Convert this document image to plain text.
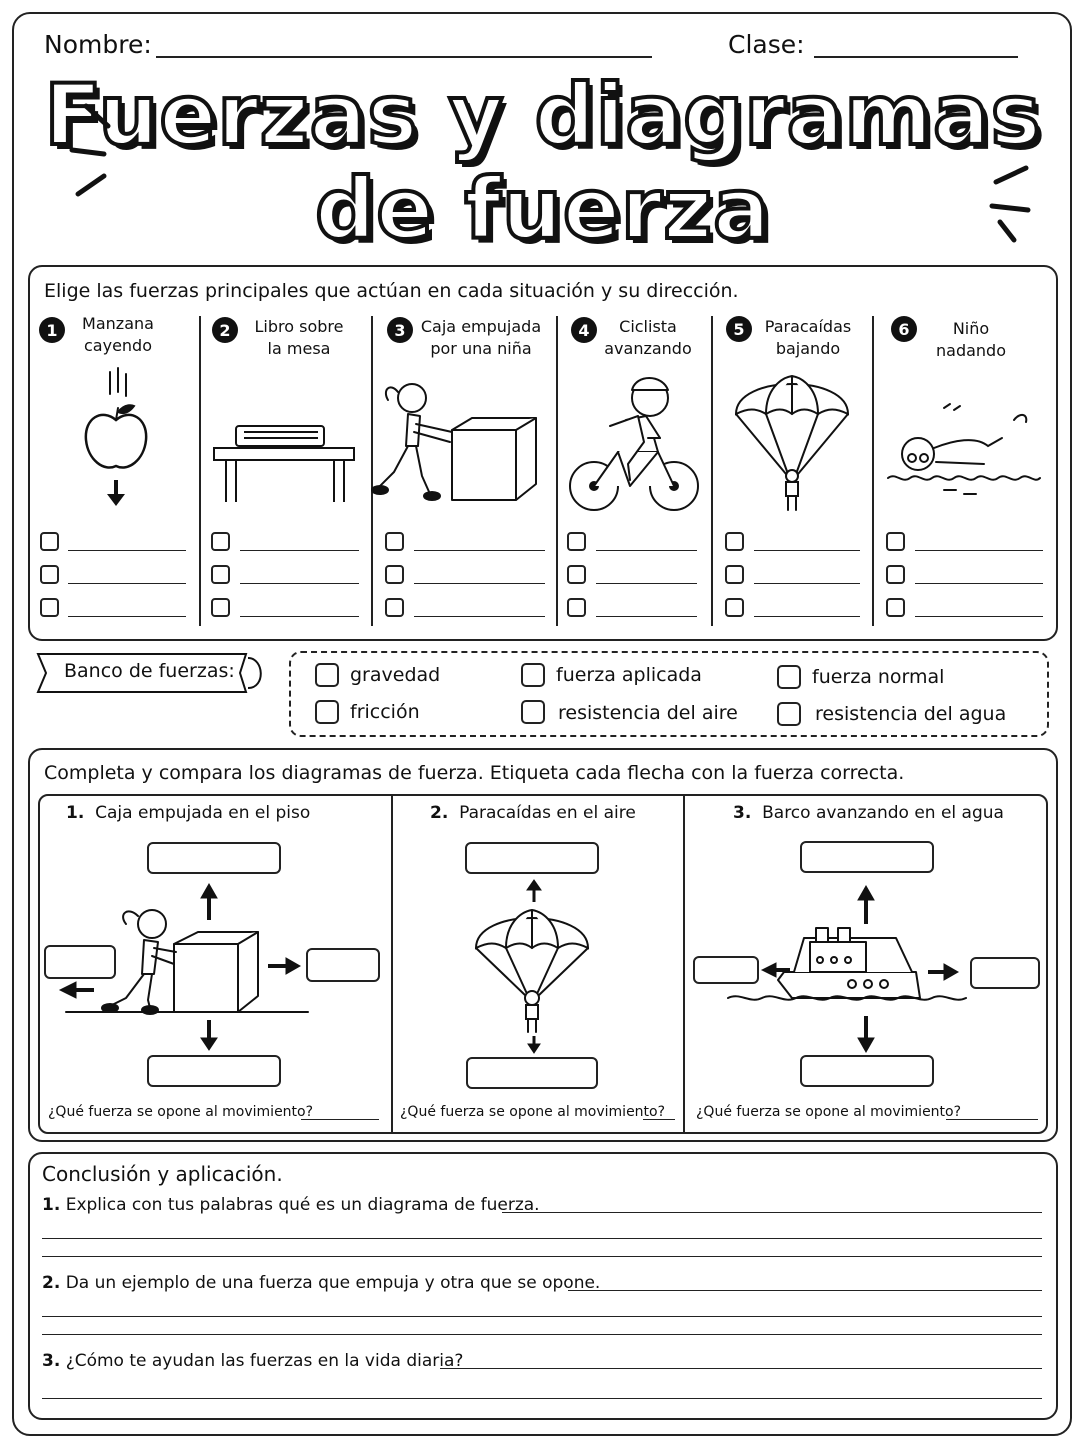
Nombre:	Clase:
Fuerzas y diagramas
de fuerza
Elige las fuerzas principales que actúan en cada situación y su dirección.
1	Manzana
cayendo
2	Libro sobre
la mesa
3 Caja empujada
por una niña
4	Ciclista
avanzando
5	Paracaídas
bajando
6	Niño
nadando
Banco de fuerzas:	gravedad	fuerza aplicada	fuerza normal
fricción	resistencia del aire	resistencia del agua
Completa y compara los diagramas de fuerza. Etiqueta cada flecha con la fuerza correcta.
1. Caja empujada en el piso
¿Qué fuerza se opone al movimiento?
2. Paracaídas en el aire
¿Qué fuerza se opone al movimiento?
3. Barco avanzando en el agua
¿Qué fuerza se opone al movimiento?
Conclusión y aplicación.
1. Explica con tus palabras qué es un diagrama de fuerza.
2. Da un ejemplo de una fuerza que empuja y otra que se opone.
3. ¿Cómo te ayudan las fuerzas en la vida diaria?
